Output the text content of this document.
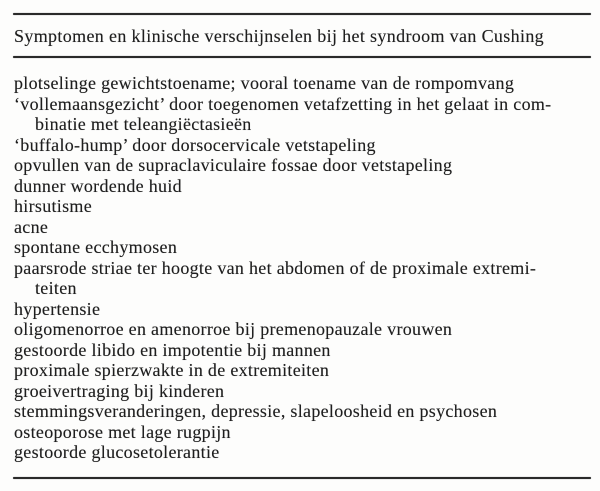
Symptomen en klinische verschijnselen bij het syndroom van Cushing
plotselinge gewichtstoename; vooral toename van de rompomvang
‘vollemaansgezicht’ door toegenomen vetafzetting in het gelaat in com-
binatie met teleangiëctasieën
‘buffalo-hump’ door dorsocervicale vetstapeling
opvullen van de supraclaviculaire fossae door vetstapeling
dunner wordende huid
hirsutisme
acne
spontane ecchymosen
paarsrode striae ter hoogte van het abdomen of de proximale extremi-
teiten
hypertensie
oligomenorroe en amenorroe bij premenopauzale vrouwen
gestoorde libido en impotentie bij mannen
proximale spierzwakte in de extremiteiten
groeivertraging bij kinderen
stemmingsveranderingen, depressie, slapeloosheid en psychosen
osteoporose met lage rugpijn
gestoorde glucosetolerantie
